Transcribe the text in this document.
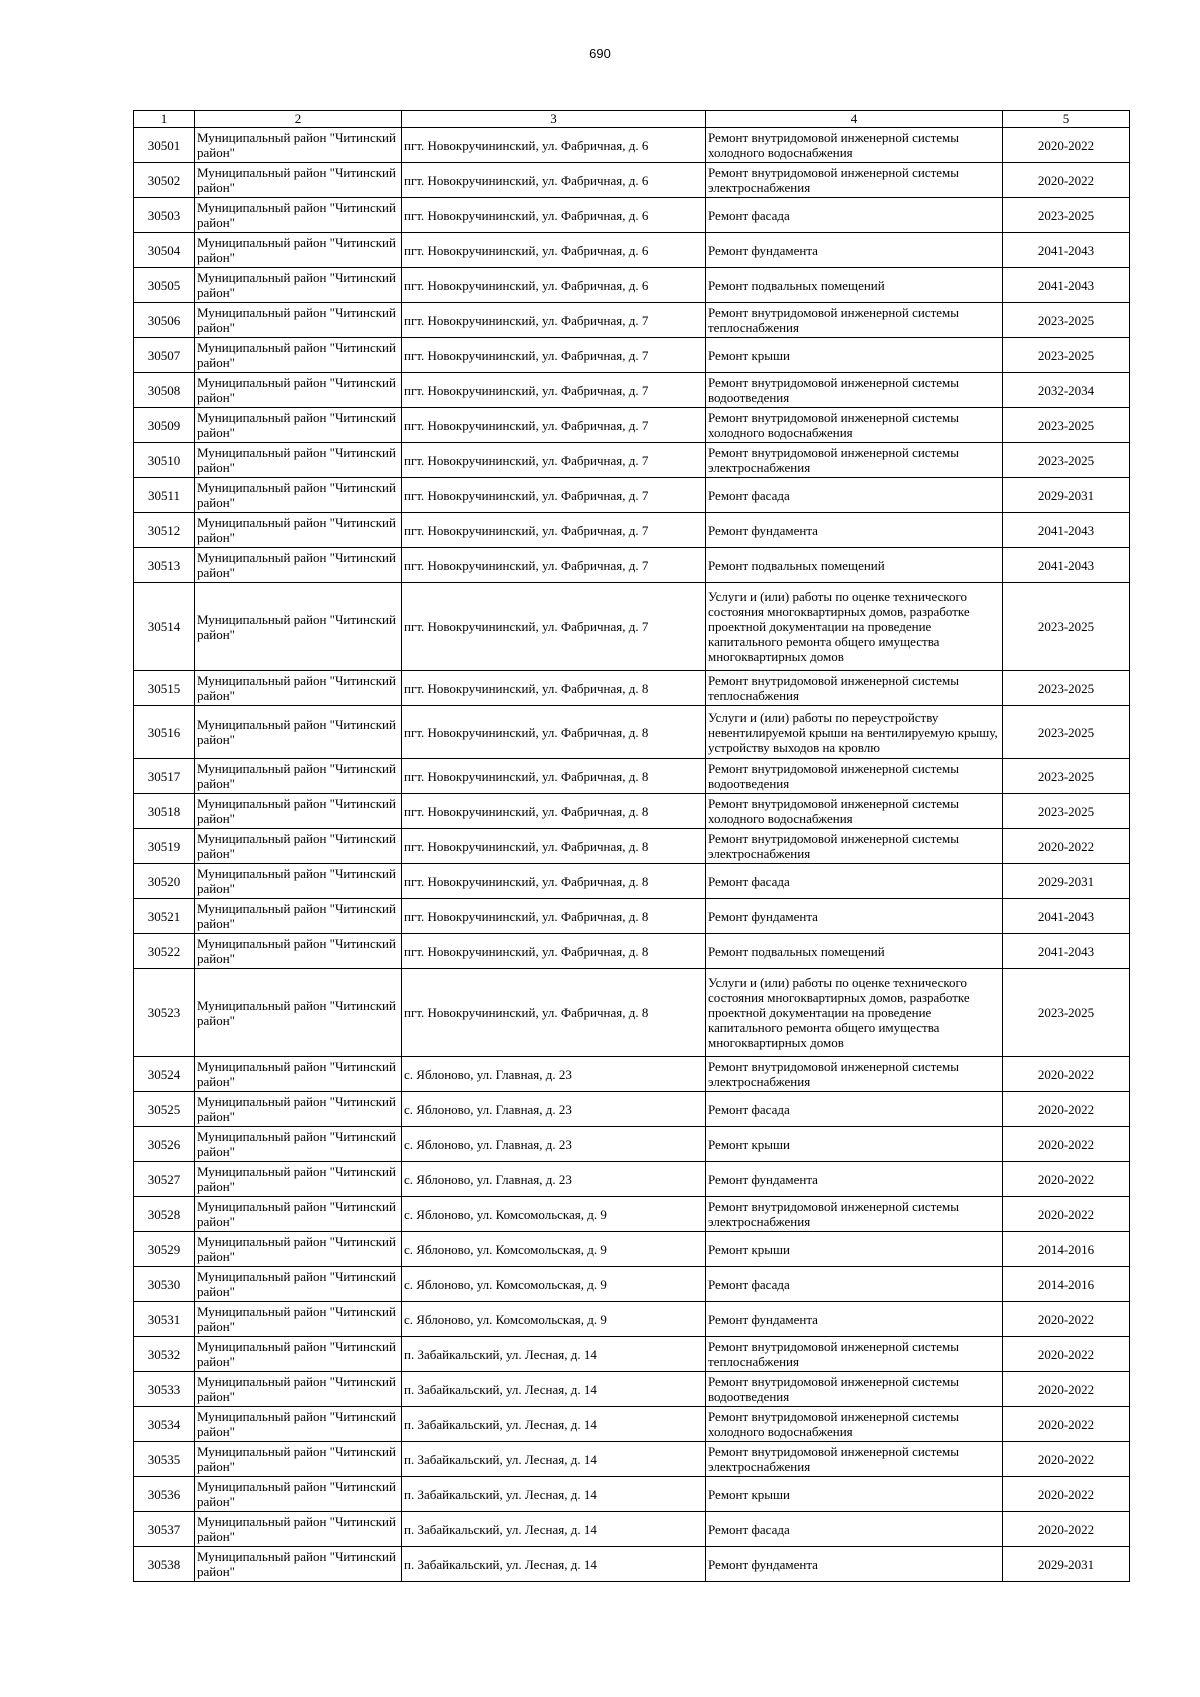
690
1	2	3	4	5
30501	Муниципальный район "Читинский район"	пгт. Новокручининский, ул. Фабричная, д. 6	Ремонт внутридомовой инженерной системы холодного водоснабжения	2020-2022
30502	Муниципальный район "Читинский район"	пгт. Новокручининский, ул. Фабричная, д. 6	Ремонт внутридомовой инженерной системы электроснабжения	2020-2022
30503	Муниципальный район "Читинский район"	пгт. Новокручининский, ул. Фабричная, д. 6	Ремонт фасада	2023-2025
30504	Муниципальный район "Читинский район"	пгт. Новокручининский, ул. Фабричная, д. 6	Ремонт фундамента	2041-2043
30505	Муниципальный район "Читинский район"	пгт. Новокручининский, ул. Фабричная, д. 6	Ремонт подвальных помещений	2041-2043
30506	Муниципальный район "Читинский район"	пгт. Новокручининский, ул. Фабричная, д. 7	Ремонт внутридомовой инженерной системы теплоснабжения	2023-2025
30507	Муниципальный район "Читинский район"	пгт. Новокручининский, ул. Фабричная, д. 7	Ремонт крыши	2023-2025
30508	Муниципальный район "Читинский район"	пгт. Новокручининский, ул. Фабричная, д. 7	Ремонт внутридомовой инженерной системы водоотведения	2032-2034
30509	Муниципальный район "Читинский район"	пгт. Новокручининский, ул. Фабричная, д. 7	Ремонт внутридомовой инженерной системы холодного водоснабжения	2023-2025
30510	Муниципальный район "Читинский район"	пгт. Новокручининский, ул. Фабричная, д. 7	Ремонт внутридомовой инженерной системы электроснабжения	2023-2025
30511	Муниципальный район "Читинский район"	пгт. Новокручининский, ул. Фабричная, д. 7	Ремонт фасада	2029-2031
30512	Муниципальный район "Читинский район"	пгт. Новокручининский, ул. Фабричная, д. 7	Ремонт фундамента	2041-2043
30513	Муниципальный район "Читинский район"	пгт. Новокручининский, ул. Фабричная, д. 7	Ремонт подвальных помещений	2041-2043
30514	Муниципальный район "Читинский район"	пгт. Новокручининский, ул. Фабричная, д. 7	Услуги и (или) работы по оценке технического состояния многоквартирных домов, разработке проектной документации на проведение капитального ремонта общего имущества многоквартирных домов	2023-2025
30515	Муниципальный район "Читинский район"	пгт. Новокручининский, ул. Фабричная, д. 8	Ремонт внутридомовой инженерной системы теплоснабжения	2023-2025
30516	Муниципальный район "Читинский район"	пгт. Новокручининский, ул. Фабричная, д. 8	Услуги и (или) работы по переустройству невентилируемой крыши на вентилируемую крышу, устройству выходов на кровлю	2023-2025
30517	Муниципальный район "Читинский район"	пгт. Новокручининский, ул. Фабричная, д. 8	Ремонт внутридомовой инженерной системы водоотведения	2023-2025
30518	Муниципальный район "Читинский район"	пгт. Новокручининский, ул. Фабричная, д. 8	Ремонт внутридомовой инженерной системы холодного водоснабжения	2023-2025
30519	Муниципальный район "Читинский район"	пгт. Новокручининский, ул. Фабричная, д. 8	Ремонт внутридомовой инженерной системы электроснабжения	2020-2022
30520	Муниципальный район "Читинский район"	пгт. Новокручининский, ул. Фабричная, д. 8	Ремонт фасада	2029-2031
30521	Муниципальный район "Читинский район"	пгт. Новокручининский, ул. Фабричная, д. 8	Ремонт фундамента	2041-2043
30522	Муниципальный район "Читинский район"	пгт. Новокручининский, ул. Фабричная, д. 8	Ремонт подвальных помещений	2041-2043
30523	Муниципальный район "Читинский район"	пгт. Новокручининский, ул. Фабричная, д. 8	Услуги и (или) работы по оценке технического состояния многоквартирных домов, разработке проектной документации на проведение капитального ремонта общего имущества многоквартирных домов	2023-2025
30524	Муниципальный район "Читинский район"	с. Яблоново, ул. Главная, д. 23	Ремонт внутридомовой инженерной системы электроснабжения	2020-2022
30525	Муниципальный район "Читинский район"	с. Яблоново, ул. Главная, д. 23	Ремонт фасада	2020-2022
30526	Муниципальный район "Читинский район"	с. Яблоново, ул. Главная, д. 23	Ремонт крыши	2020-2022
30527	Муниципальный район "Читинский район"	с. Яблоново, ул. Главная, д. 23	Ремонт фундамента	2020-2022
30528	Муниципальный район "Читинский район"	с. Яблоново, ул. Комсомольская, д. 9	Ремонт внутридомовой инженерной системы электроснабжения	2020-2022
30529	Муниципальный район "Читинский район"	с. Яблоново, ул. Комсомольская, д. 9	Ремонт крыши	2014-2016
30530	Муниципальный район "Читинский район"	с. Яблоново, ул. Комсомольская, д. 9	Ремонт фасада	2014-2016
30531	Муниципальный район "Читинский район"	с. Яблоново, ул. Комсомольская, д. 9	Ремонт фундамента	2020-2022
30532	Муниципальный район "Читинский район"	п. Забайкальский, ул. Лесная, д. 14	Ремонт внутридомовой инженерной системы теплоснабжения	2020-2022
30533	Муниципальный район "Читинский район"	п. Забайкальский, ул. Лесная, д. 14	Ремонт внутридомовой инженерной системы водоотведения	2020-2022
30534	Муниципальный район "Читинский район"	п. Забайкальский, ул. Лесная, д. 14	Ремонт внутридомовой инженерной системы холодного водоснабжения	2020-2022
30535	Муниципальный район "Читинский район"	п. Забайкальский, ул. Лесная, д. 14	Ремонт внутридомовой инженерной системы электроснабжения	2020-2022
30536	Муниципальный район "Читинский район"	п. Забайкальский, ул. Лесная, д. 14	Ремонт крыши	2020-2022
30537	Муниципальный район "Читинский район"	п. Забайкальский, ул. Лесная, д. 14	Ремонт фасада	2020-2022
30538	Муниципальный район "Читинский район"	п. Забайкальский, ул. Лесная, д. 14	Ремонт фундамента	2029-2031
